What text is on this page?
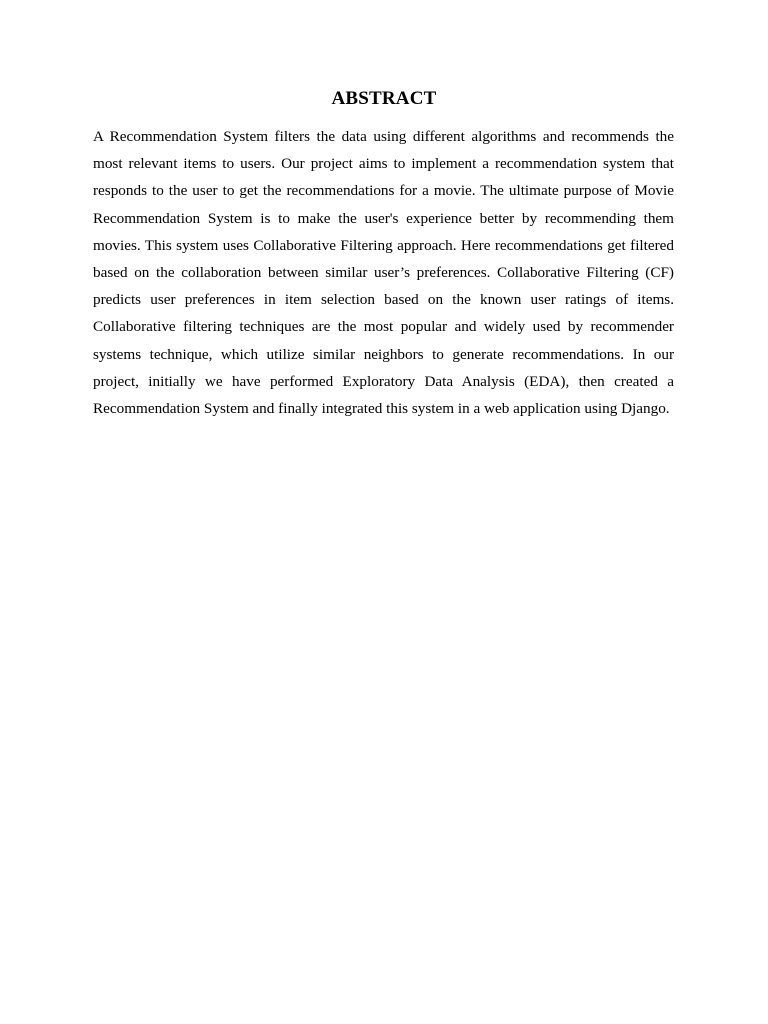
ABSTRACT

A Recommendation System filters the data using different algorithms and recommends the most relevant items to users. Our project aims to implement a recommendation system that responds to the user to get the recommendations for a movie. The ultimate purpose of Movie Recommendation System is to make the user's experience better by recommending them movies. This system uses Collaborative Filtering approach. Here recommendations get filtered based on the collaboration between similar user’s preferences. Collaborative Filtering (CF) predicts user preferences in item selection based on the known user ratings of items. Collaborative filtering techniques are the most popular and widely used by recommender systems technique, which utilize similar neighbors to generate recommendations. In our project, initially we have performed Exploratory Data Analysis (EDA), then created a Recommendation System and finally integrated this system in a web application using Django.
